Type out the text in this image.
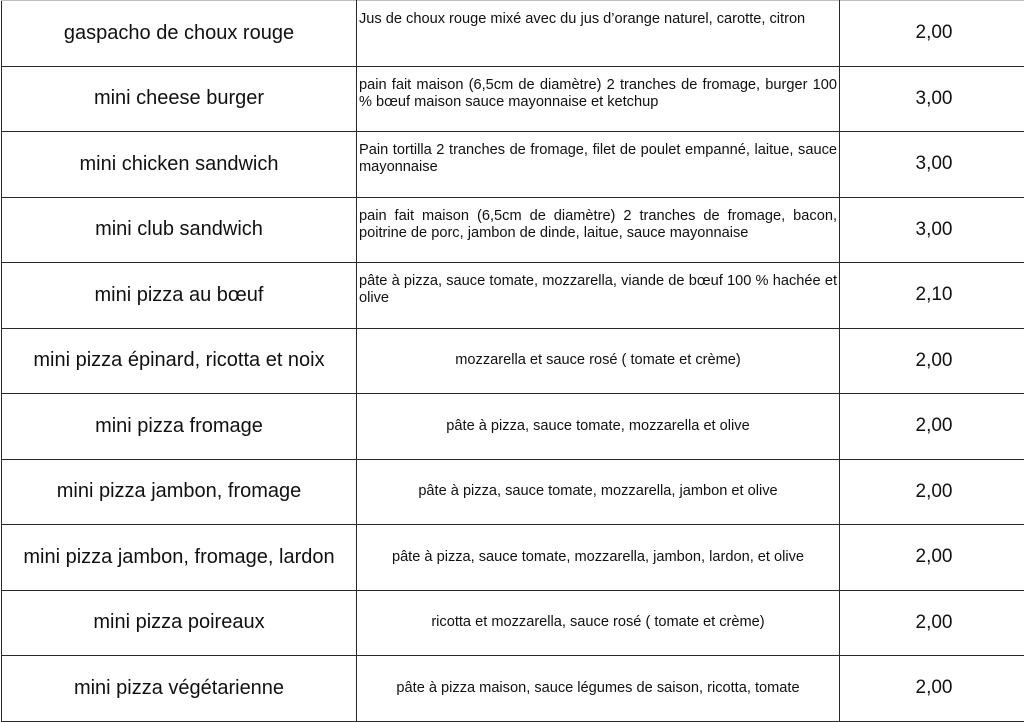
gaspacho de choux rouge	Jus de choux rouge mixé avec du jus d’orange naturel, carotte, citron	2,00
mini cheese burger	pain fait maison (6,5cm de diamètre) 2 tranches de fromage, burger 100 % bœuf maison sauce mayonnaise et ketchup	3,00
mini chicken sandwich	Pain tortilla 2 tranches de fromage, filet de poulet empanné, laitue, sauce mayonnaise	3,00
mini club sandwich	pain fait maison (6,5cm de diamètre) 2 tranches de fromage, bacon, poitrine de porc, jambon de dinde, laitue, sauce mayonnaise	3,00
mini pizza au bœuf	pâte à pizza, sauce tomate, mozzarella, viande de bœuf 100 % hachée et olive	2,10
mini pizza épinard, ricotta et noix	mozzarella et sauce rosé ( tomate et crème)	2,00
mini pizza fromage	pâte à pizza, sauce tomate, mozzarella et olive	2,00
mini pizza jambon, fromage	pâte à pizza, sauce tomate, mozzarella, jambon et olive	2,00
mini pizza jambon, fromage, lardon	pâte à pizza, sauce tomate, mozzarella, jambon, lardon, et olive	2,00
mini pizza poireaux	ricotta et mozzarella, sauce rosé ( tomate et crème)	2,00
mini pizza végétarienne	pâte à pizza maison, sauce légumes de saison, ricotta, tomate	2,00
